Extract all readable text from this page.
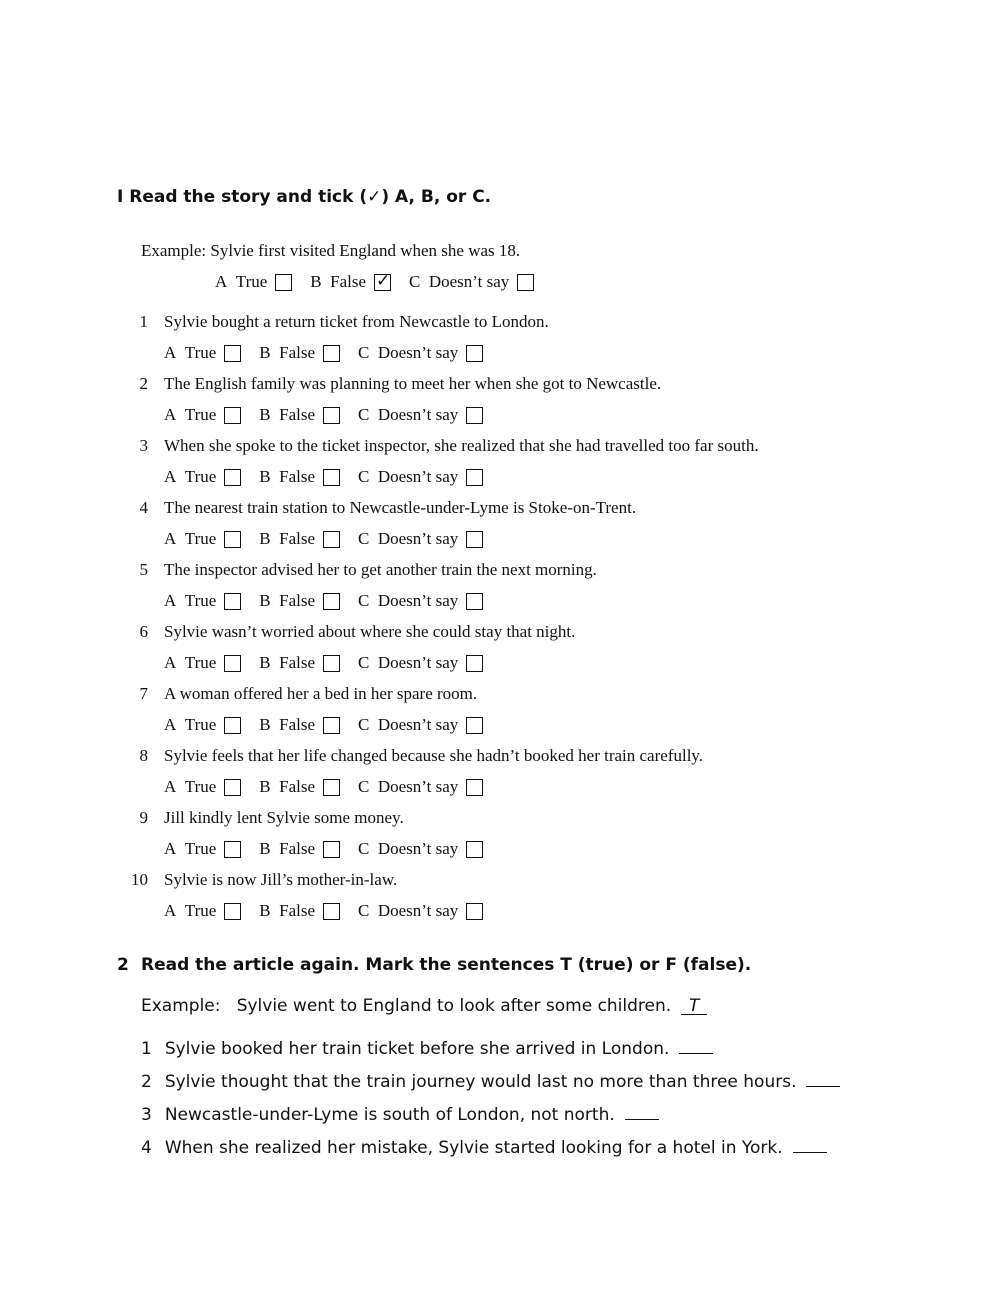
I Read the story and tick (✓) A, B, or C.
Example: Sylvie first visited England when she was 18.
A
True	B
False
✓	C
Doesn’t say
1 Sylvie bought a return ticket from Newcastle to London.
A
True	B
False	C
Doesn’t say
2 The English family was planning to meet her when she got to Newcastle.
A
True	B
False	C
Doesn’t say
3 When she spoke to the ticket inspector, she realized that she had travelled too far south.
A
True	B
False	C
Doesn’t say
4 The nearest train station to Newcastle-under-Lyme is Stoke-on-Trent.
A
True	B
False	C
Doesn’t say
5 The inspector advised her to get another train the next morning.
A
True	B
False	C
Doesn’t say
6 Sylvie wasn’t worried about where she could stay that night.
A
True	B
False	C
Doesn’t say
7 A woman offered her a bed in her spare room.
A
True	B
False	C
Doesn’t say
8 Sylvie feels that her life changed because she hadn’t booked her train carefully.
A
True	B
False	C
Doesn’t say
9 Jill kindly lent Sylvie some money.
A
True	B
False	C
Doesn’t say
10 Sylvie is now Jill’s mother-in-law.
A
True	B
False	C
Doesn’t say
2 Read the article again. Mark the sentences T (true) or F (false).
Example: Sylvie went to England to look after some children. T
1 Sylvie booked her train ticket before she arrived in London.
2 Sylvie thought that the train journey would last no more than three hours.
3 Newcastle-under-Lyme is south of London, not north.
4 When she realized her mistake, Sylvie started looking for a hotel in York.
